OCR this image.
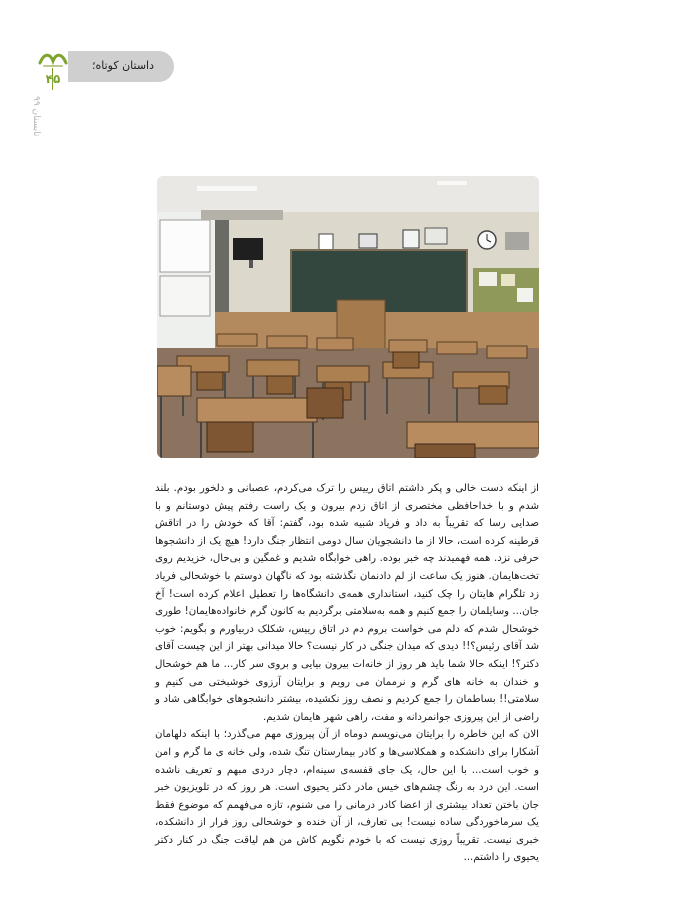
۴۵
تابستان ۹۹
داستان کوتاه؛

از اینکه دست خالی و پکر داشتم اتاق رییس را ترک می‌کردم، عصبانی و دلخور بودم. بلند شدم و با خداحافظی مختصری از اتاق زدم بیرون و یک راست رفتم پیش دوستانم و با صدایی رسا که تقریباً به داد و فریاد شبیه شده بود، گفتم: آقا که خودش را در اتاقش قرطینه کرده است، حالا از ما دانشجویان سال دومی انتظار جنگ دارد! هیچ یک از دانشجوها حرفی نزد. همه فهمیدند چه خبر بوده. راهی خوابگاه شدیم و غمگین و بی‌حال، خزیدیم روی تخت‌هایمان. هنوز یک ساعت از لم دادنمان نگذشته بود که ناگهان دوستم با خوشحالی فریاد زد تلگرام هایتان را چک کنید، استانداری همه‌ی دانشگاه‌ها را تعطیل اعلام کرده است! آخ جان... وسایلمان را جمع کنیم و همه به‌سلامتی برگردیم به کانون گرم خانواده‌هایمان! طوری خوشحال شدم که دلم می خواست بروم دم در اتاق رییس، شکلک دربیاورم و بگویم: خوب شد آقای رئیس؟!! دیدی که میدان جنگی در کار نیست؟ حالا میدانی بهتر از این چیست آقای دکتر؟! اینکه حالا شما باید هر روز از خانه‌ات بیرون بیایی و بروی سر کار... ما هم خوشحال و خندان به خانه های گرم و نرممان می رویم و برایتان آرزوی خوشبختی می کنیم و سلامتی!! بساطمان را جمع کردیم و نصف روز نکشیده، بیشتر دانشجوهای خوابگاهی شاد و راضی از این پیروزی جوانمردانه و مفت، راهی شهر هایمان شدیم.

الان که این خاطره را برایتان می‌نویسم دوماه از آن پیروزی مهم می‌گذرد؛ با اینکه دلهامان آشکارا برای دانشکده و همکلاسی‌ها و کادر بیمارستان تنگ شده، ولی خانه ی ما گرم و امن و خوب است... با این حال، یک جای قفسه‌ی سینه‌ام، دچار دردی مبهم و تعریف ناشده است. این درد به رنگ چشم‌های خیس مادر دکتر یحیوی است. هر روز که در تلویزیون خبر جان باختن تعداد بیشتری از اعضا کادر درمانی را می شنوم، تازه می‌فهمم که موضوع فقط یک سرماخوردگی ساده نیست! بی تعارف، از آن خنده و خوشحالی روز فرار از دانشکده، خبری نیست. تقریباً روزی نیست که با خودم نگویم کاش من هم لیاقت جنگ در کنار دکتر یحیوی را داشتم...
